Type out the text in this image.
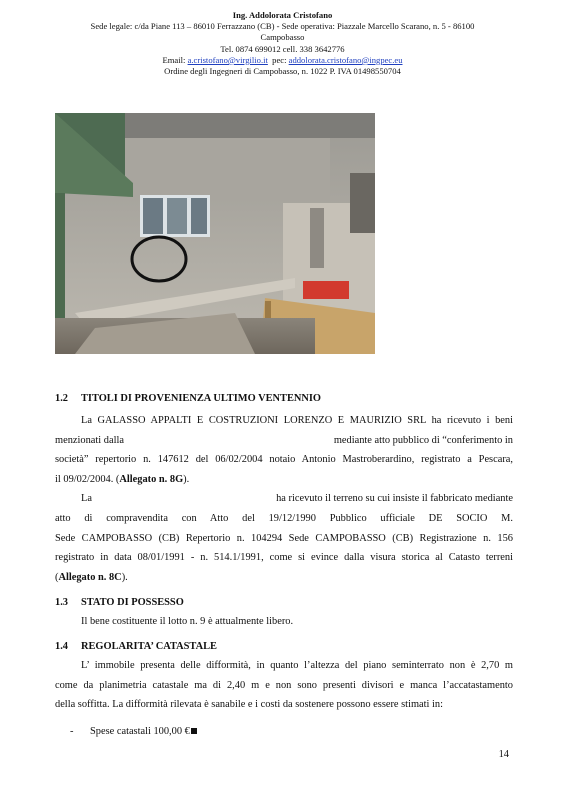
Ing. Addolorata Cristofano
Sede legale: c/da Piane 113 – 86010 Ferrazzano (CB) - Sede operativa: Piazzale Marcello Scarano, n. 5 - 86100
Campobasso
Tel. 0874 699012 cell. 338 3642776
Email: a.cristofano@virgilio.it  pec: addolorata.cristofano@ingpec.eu
Ordine degli Ingegneri di Campobasso, n. 1022 P. IVA 01498550704
1.2 TITOLI DI PROVENIENZA ULTIMO VENTENNIO
La GALASSO APPALTI E COSTRUZIONI LORENZO E MAURIZIO SRL ha ricevuto i beni
menzionati dalla	mediante atto pubblico di “conferimento in
società” repertorio n. 147612 del 06/02/2004 notaio Antonio Mastroberardino, registrato a Pescara,
il 09/02/2004. (Allegato n. 8G).
La	ha ricevuto il terreno su cui insiste il fabbricato mediante
atto di compravendita con Atto del 19/12/1990 Pubblico ufficiale DE SOCIO M.
Sede CAMPOBASSO (CB) Repertorio n. 104294 Sede CAMPOBASSO (CB) Registrazione n. 156
registrato in data 08/01/1991 - n. 514.1/1991, come si evince dalla visura storica al Catasto terreni
(Allegato n. 8C).
1.3 STATO DI POSSESSO
Il bene costituente il lotto n. 9 è attualmente libero.
1.4 REGOLARITA’ CATASTALE
L’ immobile presenta delle difformità, in quanto l’altezza del piano seminterrato non è 2,70 m
come da planimetria catastale ma di 2,40 m e non sono presenti divisori e manca l’accatastamento
della soffitta. La difformità rilevata è sanabile e i costi da sostenere possono essere stimati in:
- Spese catastali 100,00 €
14
